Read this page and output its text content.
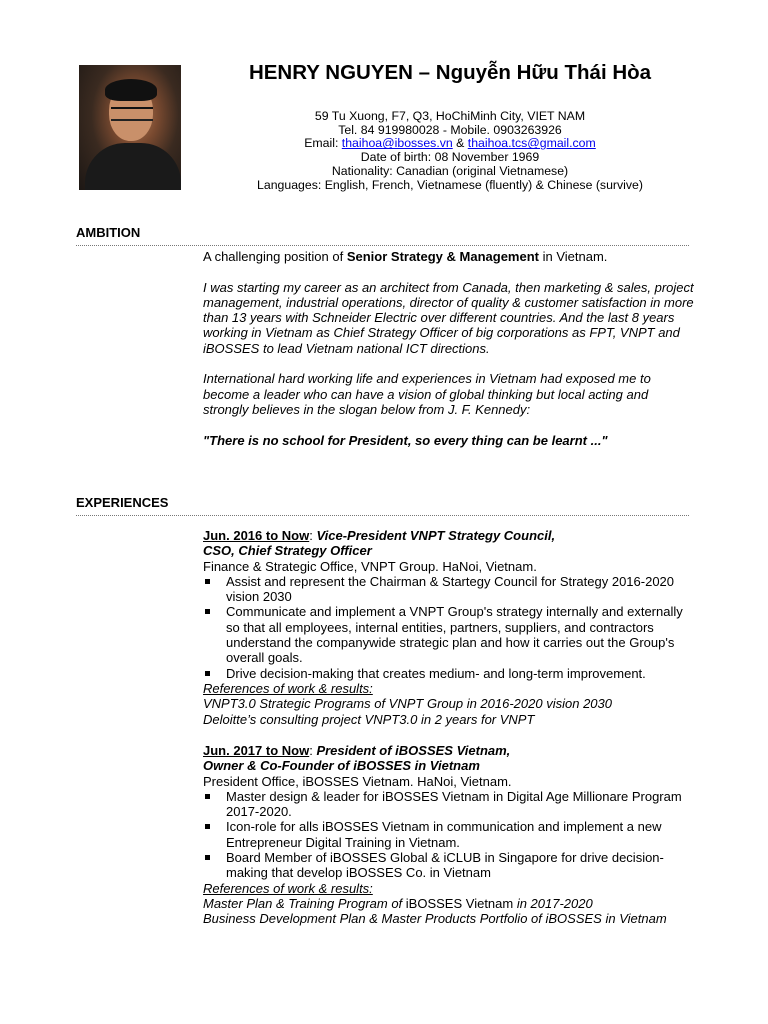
HENRY NGUYEN – Nguyễn Hữu Thái Hòa
59 Tu Xuong, F7, Q3, HoChiMinh City, VIET NAM
Tel. 84 919980028 - Mobile. 0903263926
Email: thaihoa@ibosses.vn & thaihoa.tcs@gmail.com
Date of birth: 08 November 1969
Nationality: Canadian (original Vietnamese)
Languages: English, French, Vietnamese (fluently) & Chinese (survive)
AMBITION

A challenging position of Senior Strategy & Management in Vietnam.

I was starting my career as an architect from Canada, then marketing & sales, project management, industrial operations, director of quality & customer satisfaction in more than 13 years with Schneider Electric over different countries. And the last 8 years working in Vietnam as Chief Strategy Officer of big corporations as FPT, VNPT and iBOSSES to lead Vietnam national ICT directions.

International hard working life and experiences in Vietnam had exposed me to become a leader who can have a vision of global thinking but local acting and strongly believes in the slogan below from J. F. Kennedy:

"There is no school for President, so every thing can be learnt ..."

EXPERIENCES

Jun. 2016 to Now: Vice-President VNPT Strategy Council,

CSO, Chief Strategy Officer

Finance & Strategic Office, VNPT Group. HaNoi, Vietnam.

Assist and represent the Chairman & Startegy Council for Strategy 2016-2020 vision 2030
Communicate and implement a VNPT Group's strategy internally and externally so that all employees, internal entities, partners, suppliers, and contractors understand the companywide strategic plan and how it carries out the Group's overall goals.
Drive decision-making that creates medium- and long-term improvement.

References of work & results:

VNPT3.0 Strategic Programs of VNPT Group in 2016-2020 vision 2030

Deloitte’s consulting project VNPT3.0 in 2 years for VNPT

Jun. 2017 to Now: President of iBOSSES Vietnam,

Owner & Co-Founder of iBOSSES in Vietnam

President Office, iBOSSES Vietnam. HaNoi, Vietnam.

Master design & leader for iBOSSES Vietnam in Digital Age Millionare Program 2017-2020.
Icon-role for alls iBOSSES Vietnam in communication and implement a new Entrepreneur Digital Training in Vietnam.
Board Member of iBOSSES Global & iCLUB in Singapore for drive decision-making that develop iBOSSES Co. in Vietnam

References of work & results:

Master Plan & Training Program of iBOSSES Vietnam in 2017-2020

Business Development Plan & Master Products Portfolio of iBOSSES in Vietnam
